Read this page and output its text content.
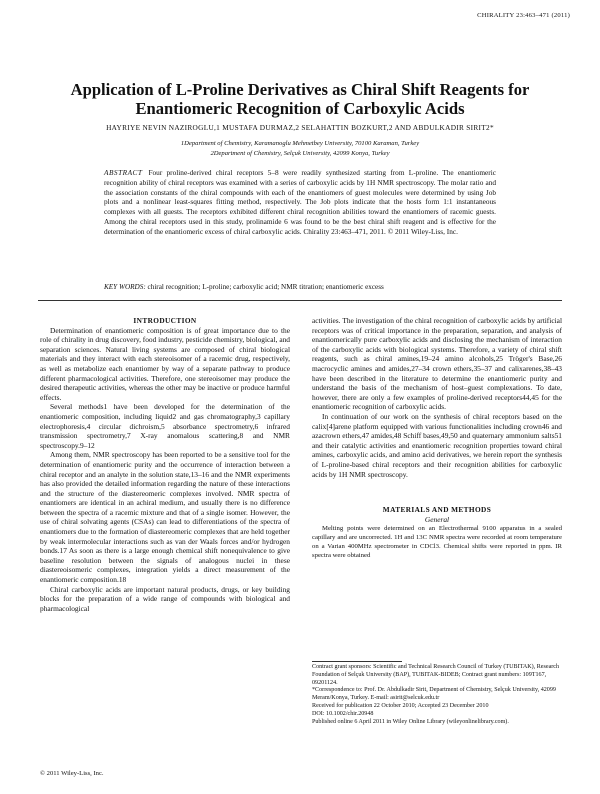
CHIRALITY 23:463–471 (2011)
Application of L-Proline Derivatives as Chiral Shift Reagents for Enantiomeric Recognition of Carboxylic Acids
HAYRIYE NEVIN NAZIROGLU,1 MUSTAFA DURMAZ,2 SELAHATTIN BOZKURT,2 AND ABDULKADIR SIRIT2*
1Department of Chemistry, Karamanoglu Mehmetbey University, 70100 Karaman, Turkey
2Department of Chemistry, Selçuk University, 42099 Konya, Turkey
ABSTRACT Four proline-derived chiral receptors 5–8 were readily synthesized starting from L-proline. The enantiomeric recognition ability of chiral receptors was examined with a series of carboxylic acids by 1H NMR spectroscopy. The molar ratio and the association constants of the chiral compounds with each of the enantiomers of guest molecules were determined by using Job plots and a nonlinear least-squares fitting method, respectively. The Job plots indicate that the hosts form 1:1 instantaneous complexes with all guests. The receptors exhibited different chiral recognition abilities toward the enantiomers of racemic guests. Among the chiral receptors used in this study, prolinamide 6 was found to be the best chiral shift reagent and is effective for the determination of the enantiomeric excess of chiral carboxylic acids. Chirality 23:463–471, 2011. © 2011 Wiley-Liss, Inc.
KEY WORDS: chiral recognition; L-proline; carboxylic acid; NMR titration; enantiomeric excess

INTRODUCTION

Determination of enantiomeric composition is of great importance due to the role of chirality in drug discovery, food industry, pesticide chemistry, biological, and separation sciences. Natural living systems are composed of chiral biological materials and they interact with each stereoisomer of a racemic drug, respectively, as well as metabolize each enantiomer by way of a separate pathway to produce different pharmacological activities. Therefore, one stereoisomer may produce the desired therapeutic activities, whereas the other may be inactive or produce harmful effects.

Several methods1 have been developed for the determination of the enantiomeric composition, including liquid2 and gas chromatography,3 capillary electrophoresis,4 circular dichroism,5 absorbance spectrometry,6 infrared transmission spectrometry,7 X-ray anomalous scattering,8 and NMR spectroscopy.9–12

Among them, NMR spectroscopy has been reported to be a sensitive tool for the determination of enantiomeric purity and the occurrence of interaction between a chiral receptor and an analyte in the solution state,13–16 and the NMR experiments has also provided the detailed information regarding the nature of these interactions and the structure of the diastereomeric complexes involved. NMR spectra of enantiomers are identical in an achiral medium, and usually there is no difference between the spectra of a racemic mixture and that of a single isomer. However, the use of chiral solvating agents (CSAs) can lead to differentiations of the spectra of enantiomers due to the formation of diastereomeric complexes that are held together by weak intermolecular interactions such as van der Waals forces and/or hydrogen bonds.17 As soon as there is a large enough chemical shift nonequivalence to give baseline resolution between the signals of analogous nuclei in these diastereoisomeric complexes, integration yields a direct measurement of the enantiomeric composition.18

Chiral carboxylic acids are important natural products, drugs, or key building blocks for the preparation of a wide range of compounds with biological and pharmacological

activities. The investigation of the chiral recognition of carboxylic acids by artificial receptors was of critical importance in the preparation, separation, and analysis of enantiomerically pure carboxylic acids and disclosing the mechanism of interaction of the carboxylic acids with biological systems. Therefore, a variety of chiral shift reagents, such as chiral amines,19–24 amino alcohols,25 Tröger's Base,26 macrocyclic amines and amides,27–34 crown ethers,35–37 and calixarenes,38–43 have been described in the literature to determine the enantiomeric purity and understand the basis of the mechanism of host–guest complexations. To date, however, there are only a few examples of proline-derived receptors44,45 for the enantiomeric recognition of carboxylic acids.

In continuation of our work on the synthesis of chiral receptors based on the calix[4]arene platform equipped with various functionalities including crown46 and azacrown ethers,47 amides,48 Schiff bases,49,50 and quaternary ammonium salts51 and their catalytic activities and enantiomeric recognition properties toward chiral amines, carboxylic acids, and amino acid derivatives, we herein report the synthesis of L-proline-based chiral receptors and their recognition abilities for carboxylic acids by 1H NMR spectroscopy.

MATERIALS AND METHODS

General

Melting points were determined on an Electrothermal 9100 apparatus in a sealed capillary and are uncorrected. 1H and 13C NMR spectra were recorded at room temperature on a Varian 400MHz spectrometer in CDCl3. Chemical shifts were reported in ppm. IR spectra were obtained

Contract grant sponsors: Scientific and Technical Research Council of Turkey (TUBITAK), Research Foundation of Selçuk University (BAP), TUBITAK-BIDEB; Contract grant numbers: 109T167, 09201124.
*Correspondence to: Prof. Dr. Abdulkadir Sirit, Department of Chemistry, Selçuk University, 42099 Meram/Konya, Turkey. E-mail: asirit@selcuk.edu.tr
Received for publication 22 October 2010; Accepted 23 December 2010
DOI: 10.1002/chir.20948
Published online 6 April 2011 in Wiley Online Library (wileyonlinelibrary.com).
© 2011 Wiley-Liss, Inc.
